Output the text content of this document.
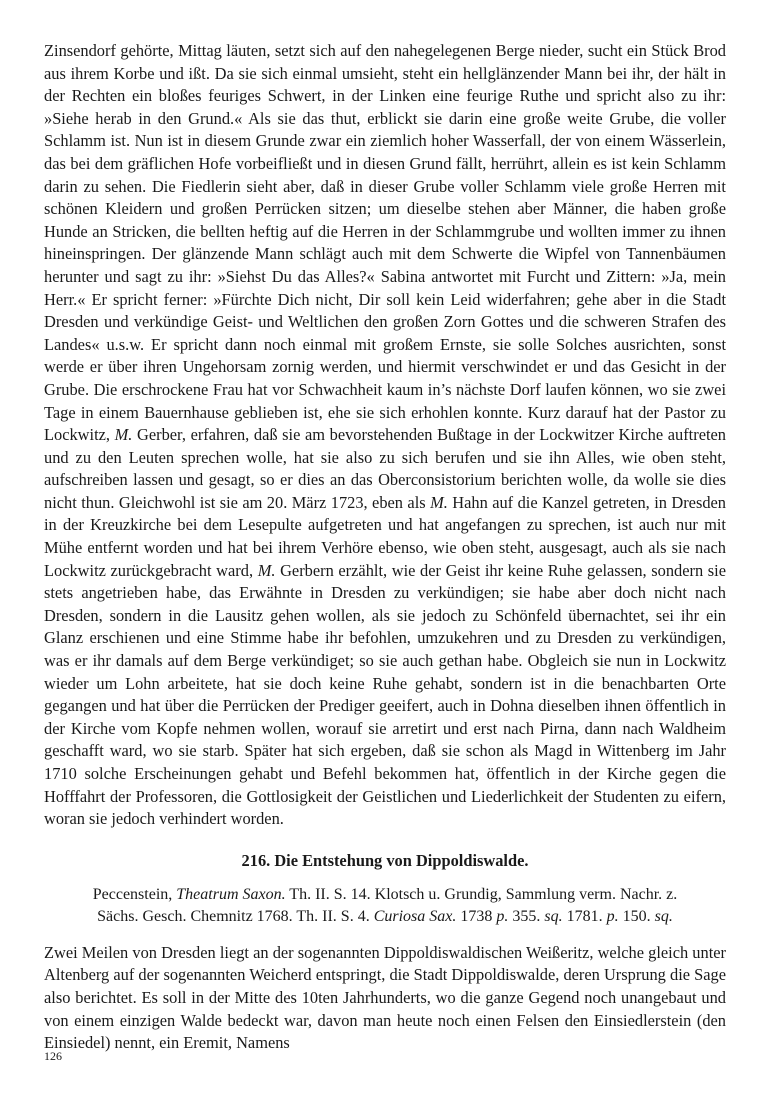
Zinsendorf gehörte, Mittag läuten, setzt sich auf den nahegelegenen Berge nieder, sucht ein Stück Brod aus ihrem Korbe und ißt. Da sie sich einmal umsieht, steht ein hellglänzender Mann bei ihr, der hält in der Rechten ein bloßes feuriges Schwert, in der Linken eine feurige Ruthe und spricht also zu ihr: »Siehe herab in den Grund.« Als sie das thut, erblickt sie darin eine große weite Grube, die voller Schlamm ist. Nun ist in diesem Grunde zwar ein ziemlich hoher Wasserfall, der von einem Wässerlein, das bei dem gräflichen Hofe vorbeifließt und in diesen Grund fällt, herrührt, allein es ist kein Schlamm darin zu sehen. Die Fiedlerin sieht aber, daß in dieser Grube voller Schlamm viele große Herren mit schönen Kleidern und großen Perrücken sitzen; um dieselbe stehen aber Männer, die haben große Hunde an Stricken, die bellten heftig auf die Herren in der Schlammgrube und wollten immer zu ihnen hineinspringen. Der glänzende Mann schlägt auch mit dem Schwerte die Wipfel von Tannenbäumen herunter und sagt zu ihr: »Siehst Du das Alles?« Sabina antwortet mit Furcht und Zittern: »Ja, mein Herr.« Er spricht ferner: »Fürchte Dich nicht, Dir soll kein Leid widerfahren; gehe aber in die Stadt Dresden und verkündige Geist- und Weltlichen den großen Zorn Gottes und die schweren Strafen des Landes« u.s.w. Er spricht dann noch einmal mit großem Ernste, sie solle Solches ausrichten, sonst werde er über ihren Ungehorsam zornig werden, und hiermit verschwindet er und das Gesicht in der Grube. Die erschrockene Frau hat vor Schwachheit kaum in’s nächste Dorf laufen können, wo sie zwei Tage in einem Bauernhause geblieben ist, ehe sie sich erhohlen konnte. Kurz darauf hat der Pastor zu Lockwitz, M. Gerber, erfahren, daß sie am bevorstehenden Bußtage in der Lockwitzer Kirche auftreten und zu den Leuten sprechen wolle, hat sie also zu sich berufen und sie ihn Alles, wie oben steht, aufschreiben lassen und gesagt, so er dies an das Oberconsistorium berichten wolle, da wolle sie dies nicht thun. Gleichwohl ist sie am 20. März 1723, eben als M. Hahn auf die Kanzel getreten, in Dresden in der Kreuzkirche bei dem Lesepulte aufgetreten und hat angefangen zu sprechen, ist auch nur mit Mühe entfernt worden und hat bei ihrem Verhöre ebenso, wie oben steht, ausgesagt, auch als sie nach Lockwitz zurückgebracht ward, M. Gerbern erzählt, wie der Geist ihr keine Ruhe gelassen, sondern sie stets angetrieben habe, das Erwähnte in Dresden zu verkündigen; sie habe aber doch nicht nach Dresden, sondern in die Lausitz gehen wollen, als sie jedoch zu Schönfeld übernachtet, sei ihr ein Glanz erschienen und eine Stimme habe ihr befohlen, umzukehren und zu Dresden zu verkündigen, was er ihr damals auf dem Berge verkündiget; so sie auch gethan habe. Obgleich sie nun in Lockwitz wieder um Lohn arbeitete, hat sie doch keine Ruhe gehabt, sondern ist in die benachbarten Orte gegangen und hat über die Perrücken der Prediger geeifert, auch in Dohna dieselben ihnen öffentlich in der Kirche vom Kopfe nehmen wollen, worauf sie arretirt und erst nach Pirna, dann nach Waldheim geschafft ward, wo sie starb. Später hat sich ergeben, daß sie schon als Magd in Wittenberg im Jahr 1710 solche Erscheinungen gehabt und Befehl bekommen hat, öffentlich in der Kirche gegen die Hofffahrt der Professoren, die Gottlosigkeit der Geistlichen und Liederlichkeit der Studenten zu eifern, woran sie jedoch verhindert worden.

216. Die Entstehung von Dippoldiswalde.
Peccenstein, Theatrum Saxon. Th. II. S. 14. Klotsch u. Grundig, Sammlung verm. Nachr. z. Sächs. Gesch. Chemnitz 1768. Th. II. S. 4. Curiosa Sax. 1738 p. 355. sq. 1781. p. 150. sq.

Zwei Meilen von Dresden liegt an der sogenannten Dippoldiswaldischen Weißeritz, welche gleich unter Altenberg auf der sogenannten Weicherd entspringt, die Stadt Dippoldiswalde, deren Ursprung die Sage also berichtet. Es soll in der Mitte des 10ten Jahrhunderts, wo die ganze Gegend noch unangebaut und von einem einzigen Walde bedeckt war, davon man heute noch einen Felsen den Einsiedlerstein (den Einsiedel) nennt, ein Eremit, Namens

126
